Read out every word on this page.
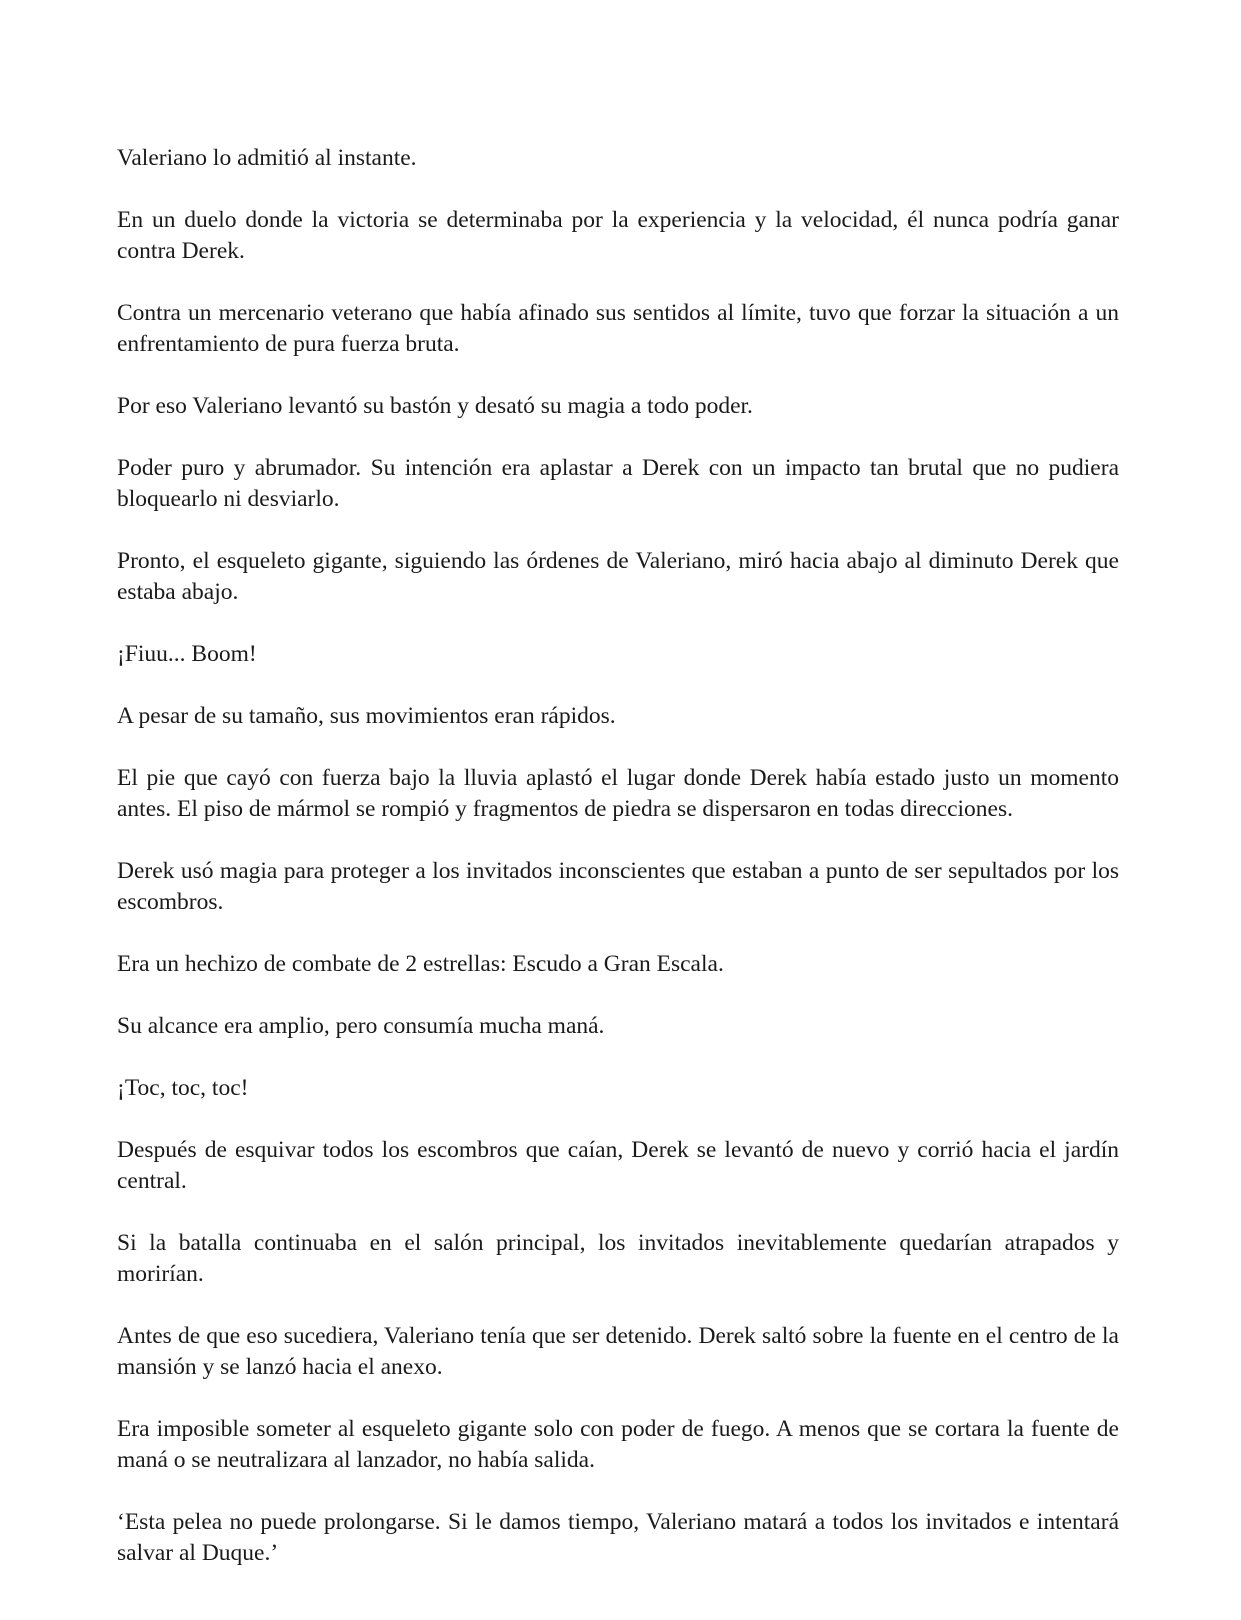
Valeriano lo admitió al instante.

En un duelo donde la victoria se determinaba por la experiencia y la velocidad, él nunca podría ganar contra Derek.

Contra un mercenario veterano que había afinado sus sentidos al límite, tuvo que forzar la situación a un enfrentamiento de pura fuerza bruta.

Por eso Valeriano levantó su bastón y desató su magia a todo poder.

Poder puro y abrumador. Su intención era aplastar a Derek con un impacto tan brutal que no pudiera bloquearlo ni desviarlo.

Pronto, el esqueleto gigante, siguiendo las órdenes de Valeriano, miró hacia abajo al diminuto Derek que estaba abajo.

¡Fiuu... Boom!

A pesar de su tamaño, sus movimientos eran rápidos.

El pie que cayó con fuerza bajo la lluvia aplastó el lugar donde Derek había estado justo un momento antes. El piso de mármol se rompió y fragmentos de piedra se dispersaron en todas direcciones.

Derek usó magia para proteger a los invitados inconscientes que estaban a punto de ser sepultados por los escombros.

Era un hechizo de combate de 2 estrellas: Escudo a Gran Escala.

Su alcance era amplio, pero consumía mucha maná.

¡Toc, toc, toc!

Después de esquivar todos los escombros que caían, Derek se levantó de nuevo y corrió hacia el jardín central.

Si la batalla continuaba en el salón principal, los invitados inevitablemente quedarían atrapados y morirían.

Antes de que eso sucediera, Valeriano tenía que ser detenido. Derek saltó sobre la fuente en el centro de la mansión y se lanzó hacia el anexo.

Era imposible someter al esqueleto gigante solo con poder de fuego. A menos que se cortara la fuente de maná o se neutralizara al lanzador, no había salida.

‘Esta pelea no puede prolongarse. Si le damos tiempo, Valeriano matará a todos los invitados e intentará salvar al Duque.’
